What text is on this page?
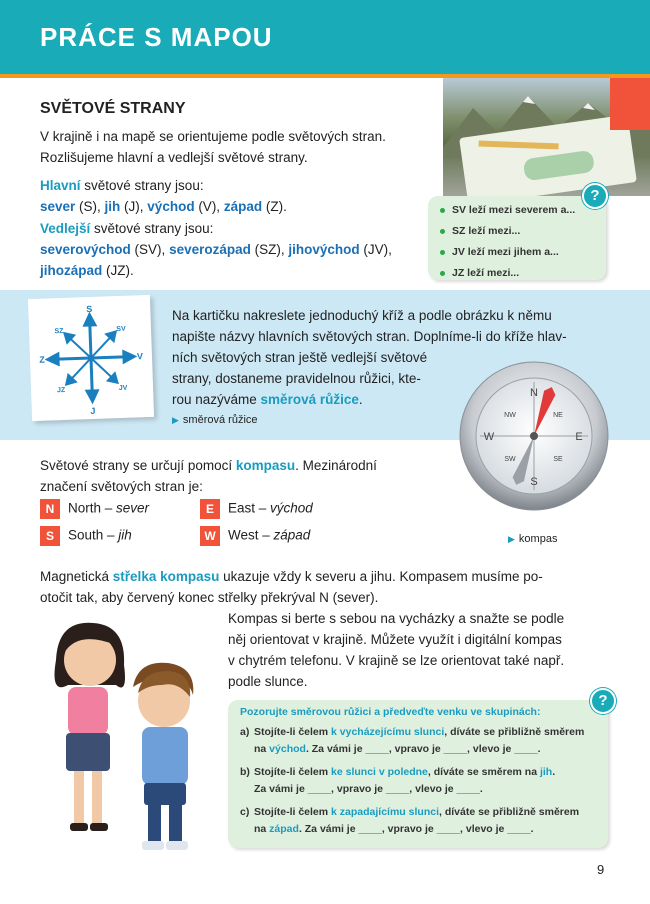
PRÁCE S MAPOU
SVĚTOVÉ STRANY
V krajině i na mapě se orientujeme podle světových stran.
Rozlišujeme hlavní a vedlejší světové strany.
Hlavní světové strany jsou:
sever (S), jih (J), východ (V), západ (Z).
Vedlejší světové strany jsou:
severovýchod (SV), severozápad (SZ), jihovýchod (JV),
jihozápad (JZ).
SV leží mezi severem a...
SZ leží mezi...
JV leží mezi jihem a...
JZ leží mezi...
?
S
J
V
Z
SV
SZ
JV
JZ
▶ směrová růžice
Na kartičku nakreslete jednoduchý kříž a podle obrázku k němu
napište názvy hlavních světových stran. Doplníme-li do kříže hlav-
ních světových stran ještě vedlejší světové
strany, dostaneme pravidelnou růžici, kte-
rou nazýváme směrová růžice.	N
S
E
W
NE
NW
SE
SW
▶ kompas
Světové strany se určují pomocí kompasu. Mezinárodní
značení světových stran je:
N North – sever	E East – východ
S South – jih	W West – západ
Magnetická střelka kompasu ukazuje vždy k severu a jihu. Kompasem musíme po-
otočit tak, aby červený konec střelky překrýval N (sever).
Kompas si berte s sebou na vycházky a snažte se podle
něj orientovat v krajině. Můžete využít i digitální kompas
v chytrém telefonu. V krajině se lze orientovat také např.
podle slunce.
Pozorujte směrovou růžici a předveďte venku ve skupinách:
a) Stojíte-li čelem k vycházejícímu slunci, díváte se přibližně směrem
na východ. Za vámi je ____, vpravo je ____, vlevo je ____.
b) Stojíte-li čelem ke slunci v poledne, díváte se směrem na jih.
Za vámi je ____, vpravo je ____, vlevo je ____.
c) Stojíte-li čelem k zapadajícímu slunci, díváte se přibližně směrem
na západ. Za vámi je ____, vpravo je ____, vlevo je ____.
?
9
